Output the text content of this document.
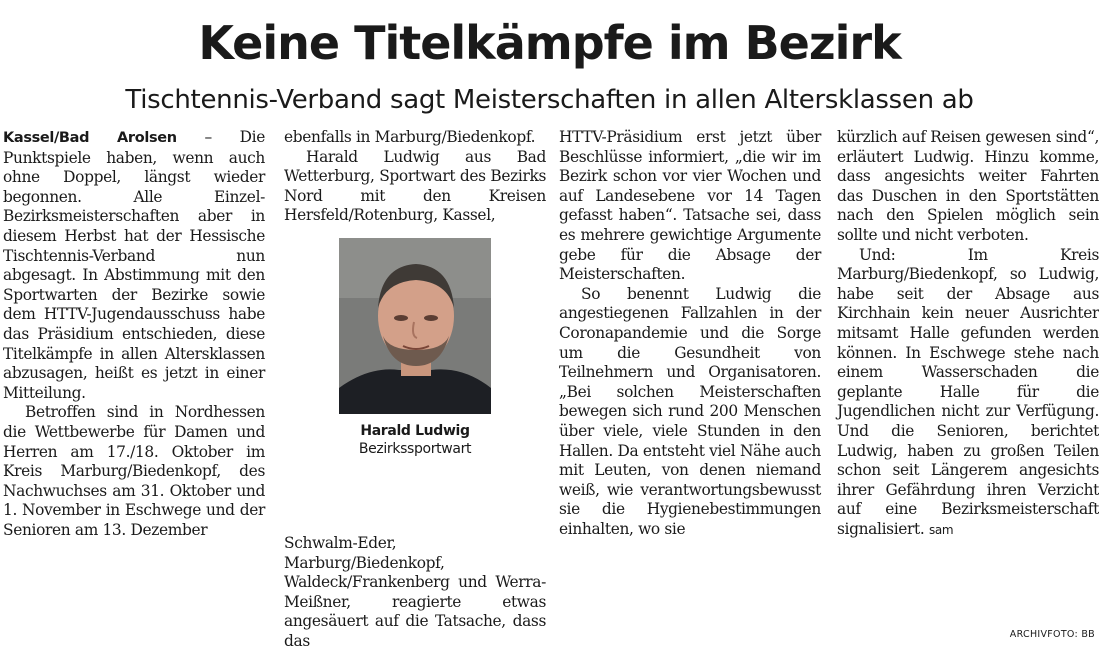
Keine Titelkämpfe im Bezirk
Tischtennis-Verband sagt Meisterschaften in allen Altersklassen ab

Kassel/Bad Arolsen – Die Punktspiele haben, wenn auch ohne Doppel, längst wieder begonnen. Alle Einzel-Bezirksmeisterschaften aber in diesem Herbst hat der Hessische Tischtennis-Verband nun abgesagt. In Abstimmung mit den Sportwarten der Bezirke sowie dem HTTV-Jugendausschuss habe das Präsidium entschieden, diese Titelkämpfe in allen Altersklassen abzusagen, heißt es jetzt in einer Mitteilung.

Betroffen sind in Nordhessen die Wettbewerbe für Damen und Herren am 17./18. Oktober im Kreis Marburg/Biedenkopf, des Nachwuchses am 31. Oktober und 1. November in Eschwege und der Senioren am 13. Dezember

ebenfalls in Marburg/Biedenkopf.

Harald Ludwig aus Bad Wetterburg, Sportwart des Bezirks Nord mit den Kreisen Hersfeld/Rotenburg, Kassel,

Harald Ludwig
Bezirkssportwart

Schwalm-Eder, Marburg/Biedenkopf, Waldeck/Frankenberg und Werra-Meißner, reagierte etwas angesäuert auf die Tatsache, dass das

HTTV-Präsidium erst jetzt über Beschlüsse informiert, „die wir im Bezirk schon vor vier Wochen und auf Landesebene vor 14 Tagen gefasst haben“. Tatsache sei, dass es mehrere gewichtige Argumente gebe für die Absage der Meisterschaften.

So benennt Ludwig die angestiegenen Fallzahlen in der Coronapandemie und die Sorge um die Gesundheit von Teilnehmern und Organisatoren. „Bei solchen Meisterschaften bewegen sich rund 200 Menschen über viele, viele Stunden in den Hallen. Da entsteht viel Nähe auch mit Leuten, von denen niemand weiß, wie verantwortungsbewusst sie die Hygienebestimmungen einhalten, wo sie

kürzlich auf Reisen gewesen sind“, erläutert Ludwig. Hinzu komme, dass angesichts weiter Fahrten das Duschen in den Sportstätten nach den Spielen möglich sein sollte und nicht verboten.

Und: Im Kreis Marburg/Biedenkopf, so Ludwig, habe seit der Absage aus Kirchhain kein neuer Ausrichter mitsamt Halle gefunden werden können. In Eschwege stehe nach einem Wasserschaden die geplante Halle für die Jugendlichen nicht zur Verfügung. Und die Senioren, berichtet Ludwig, haben zu großen Teilen schon seit Längerem angesichts ihrer Gefährdung ihren Verzicht auf eine Bezirksmeisterschaft signalisiert. sam

ARCHIVFOTO: BB
